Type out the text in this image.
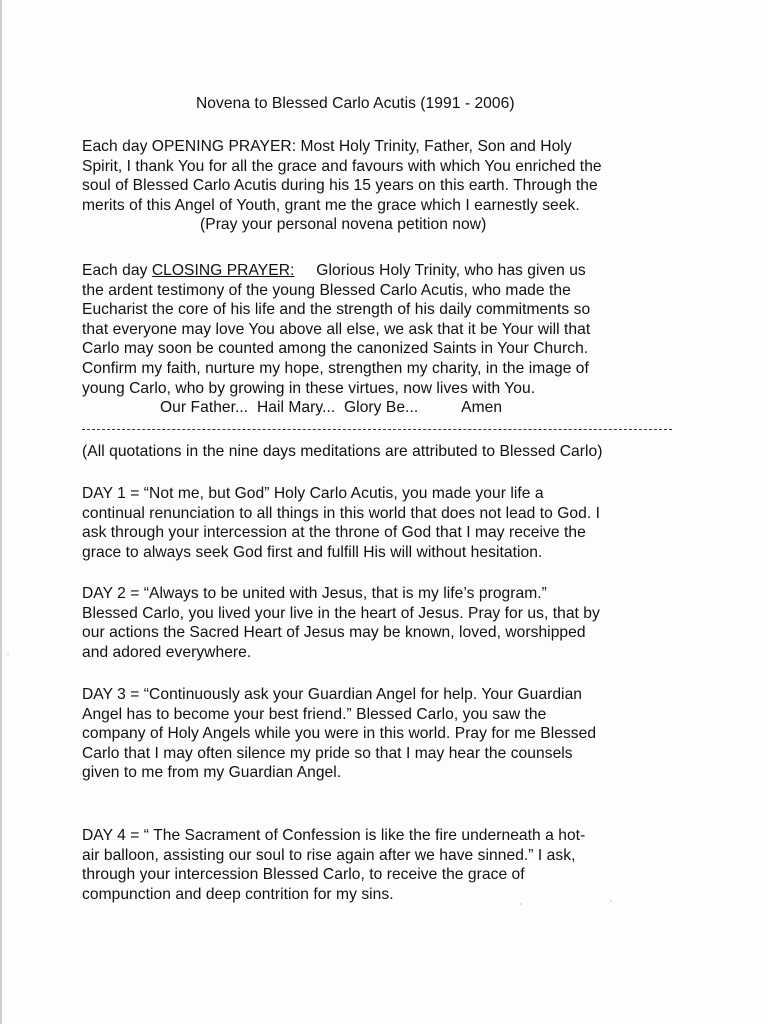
Novena to Blessed Carlo Acutis (1991 - 2006)

Each day OPENING PRAYER: Most Holy Trinity, Father, Son and Holy

Spirit, I thank You for all the grace and favours with which You enriched the

soul of Blessed Carlo Acutis during his 15 years on this earth. Through the

merits of this Angel of Youth, grant me the grace which I earnestly seek.

(Pray your personal novena petition now)

Each day CLOSING PRAYER:     Glorious Holy Trinity, who has given us

the ardent testimony of the young Blessed Carlo Acutis, who made the

Eucharist the core of his life and the strength of his daily commitments so

that everyone may love You above all else, we ask that it be Your will that

Carlo may soon be counted among the canonized Saints in Your Church.

Confirm my faith, nurture my hope, strengthen my charity, in the image of

young Carlo, who by growing in these virtues, now lives with You.

Our Father...  Hail Mary...  Glory Be...          Amen

(All quotations in the nine days meditations are attributed to Blessed Carlo)

DAY 1 = “Not me, but God” Holy Carlo Acutis, you made your life a

continual renunciation to all things in this world that does not lead to God. I

ask through your intercession at the throne of God that I may receive the

grace to always seek God first and fulfill His will without hesitation.

DAY 2 = “Always to be united with Jesus, that is my life’s program.”

Blessed Carlo, you lived your live in the heart of Jesus. Pray for us, that by

our actions the Sacred Heart of Jesus may be known, loved, worshipped

and adored everywhere.

DAY 3 = “Continuously ask your Guardian Angel for help. Your Guardian

Angel has to become your best friend.” Blessed Carlo, you saw the

company of Holy Angels while you were in this world. Pray for me Blessed

Carlo that I may often silence my pride so that I may hear the counsels

given to me from my Guardian Angel.

DAY 4 = “ The Sacrament of Confession is like the fire underneath a hot-

air balloon, assisting our soul to rise again after we have sinned.” I ask,

through your intercession Blessed Carlo, to receive the grace of

compunction and deep contrition for my sins.
